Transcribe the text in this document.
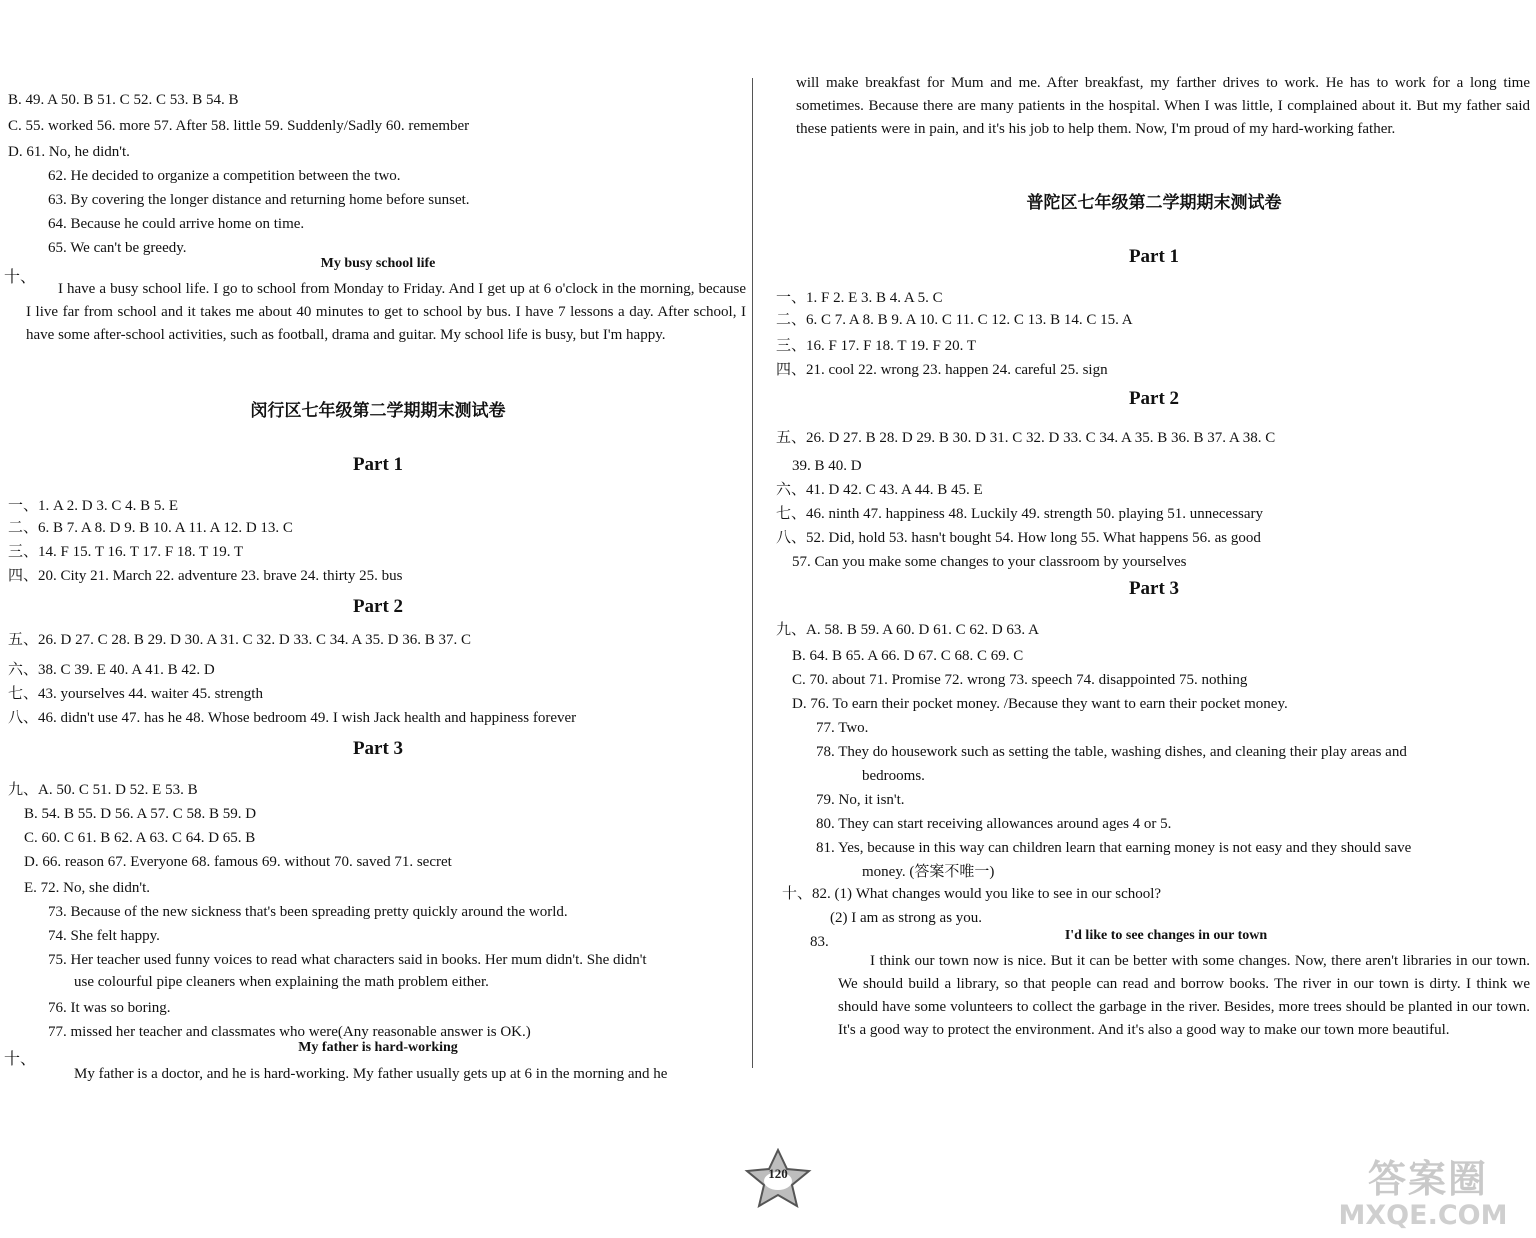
B. 49. A 50. B 51. C 52. C 53. B 54. B
C. 55. worked 56. more 57. After 58. little 59. Suddenly/Sadly 60. remember
D. 61. No, he didn't.
62. He decided to organize a competition between the two.
63. By covering the longer distance and returning home before sunset.
64. Because he could arrive home on time.
65. We can't be greedy.
十、
My busy school life
I have a busy school life. I go to school from Monday to Friday. And I get up at 6 o'clock in the morning, because I live far from school and it takes me about 40 minutes to get to school by bus. I have 7 lessons a day. After school, I have some after-school activities, such as football, drama and guitar. My school life is busy, but I'm happy.
闵行区七年级第二学期期末测试卷
Part 1
一、1. A 2. D 3. C 4. B 5. E
二、6. B 7. A 8. D 9. B 10. A 11. A 12. D 13. C
三、14. F 15. T 16. T 17. F 18. T 19. T
四、20. City 21. March 22. adventure 23. brave 24. thirty 25. bus
Part 2
五、26. D 27. C 28. B 29. D 30. A 31. C 32. D 33. C 34. A 35. D 36. B 37. C
六、38. C 39. E 40. A 41. B 42. D
七、43. yourselves 44. waiter 45. strength
八、46. didn't use 47. has he 48. Whose bedroom 49. I wish Jack health and happiness forever
Part 3
九、A. 50. C 51. D 52. E 53. B
B. 54. B 55. D 56. A 57. C 58. B 59. D
C. 60. C 61. B 62. A 63. C 64. D 65. B
D. 66. reason 67. Everyone 68. famous 69. without 70. saved 71. secret
E. 72. No, she didn't.
73. Because of the new sickness that's been spreading pretty quickly around the world.
74. She felt happy.
75. Her teacher used funny voices to read what characters said in books. Her mum didn't. She didn't
use colourful pipe cleaners when explaining the math problem either.
76. It was so boring.
77. missed her teacher and classmates who were(Any reasonable answer is OK.)
十、
My father is hard-working
My father is a doctor, and he is hard-working. My father usually gets up at 6 in the morning and he
will make breakfast for Mum and me. After breakfast, my farther drives to work. He has to work for a long time sometimes. Because there are many patients in the hospital. When I was little, I complained about it. But my father said these patients were in pain, and it's his job to help them. Now, I'm proud of my hard-working father.
普陀区七年级第二学期期末测试卷
Part 1
一、1. F 2. E 3. B 4. A 5. C
二、6. C 7. A 8. B 9. A 10. C 11. C 12. C 13. B 14. C 15. A
三、16. F 17. F 18. T 19. F 20. T
四、21. cool 22. wrong 23. happen 24. careful 25. sign
Part 2
五、26. D 27. B 28. D 29. B 30. D 31. C 32. D 33. C 34. A 35. B 36. B 37. A 38. C
39. B 40. D
六、41. D 42. C 43. A 44. B 45. E
七、46. ninth 47. happiness 48. Luckily 49. strength 50. playing 51. unnecessary
八、52. Did, hold 53. hasn't bought 54. How long 55. What happens 56. as good
57. Can you make some changes to your classroom by yourselves
Part 3
九、A. 58. B 59. A 60. D 61. C 62. D 63. A
B. 64. B 65. A 66. D 67. C 68. C 69. C
C. 70. about 71. Promise 72. wrong 73. speech 74. disappointed 75. nothing
D. 76. To earn their pocket money. /Because they want to earn their pocket money.
77. Two.
78. They do housework such as setting the table, washing dishes, and cleaning their play areas and
bedrooms.
79. No, it isn't.
80. They can start receiving allowances around ages 4 or 5.
81. Yes, because in this way can children learn that earning money is not easy and they should save
money. (答案不唯一)
十、82. (1) What changes would you like to see in our school?
(2) I am as strong as you.
83.	I'd like to see changes in our town
I think our town now is nice. But it can be better with some changes. Now, there aren't libraries in our town. We should build a library, so that people can read and borrow books. The river in our town is dirty. I think we should have some volunteers to collect the garbage in the river. Besides, more trees should be planted in our town. It's a good way to protect the environment. And it's also a good way to make our town more beautiful.
120	答案圈
MXQE.COM
